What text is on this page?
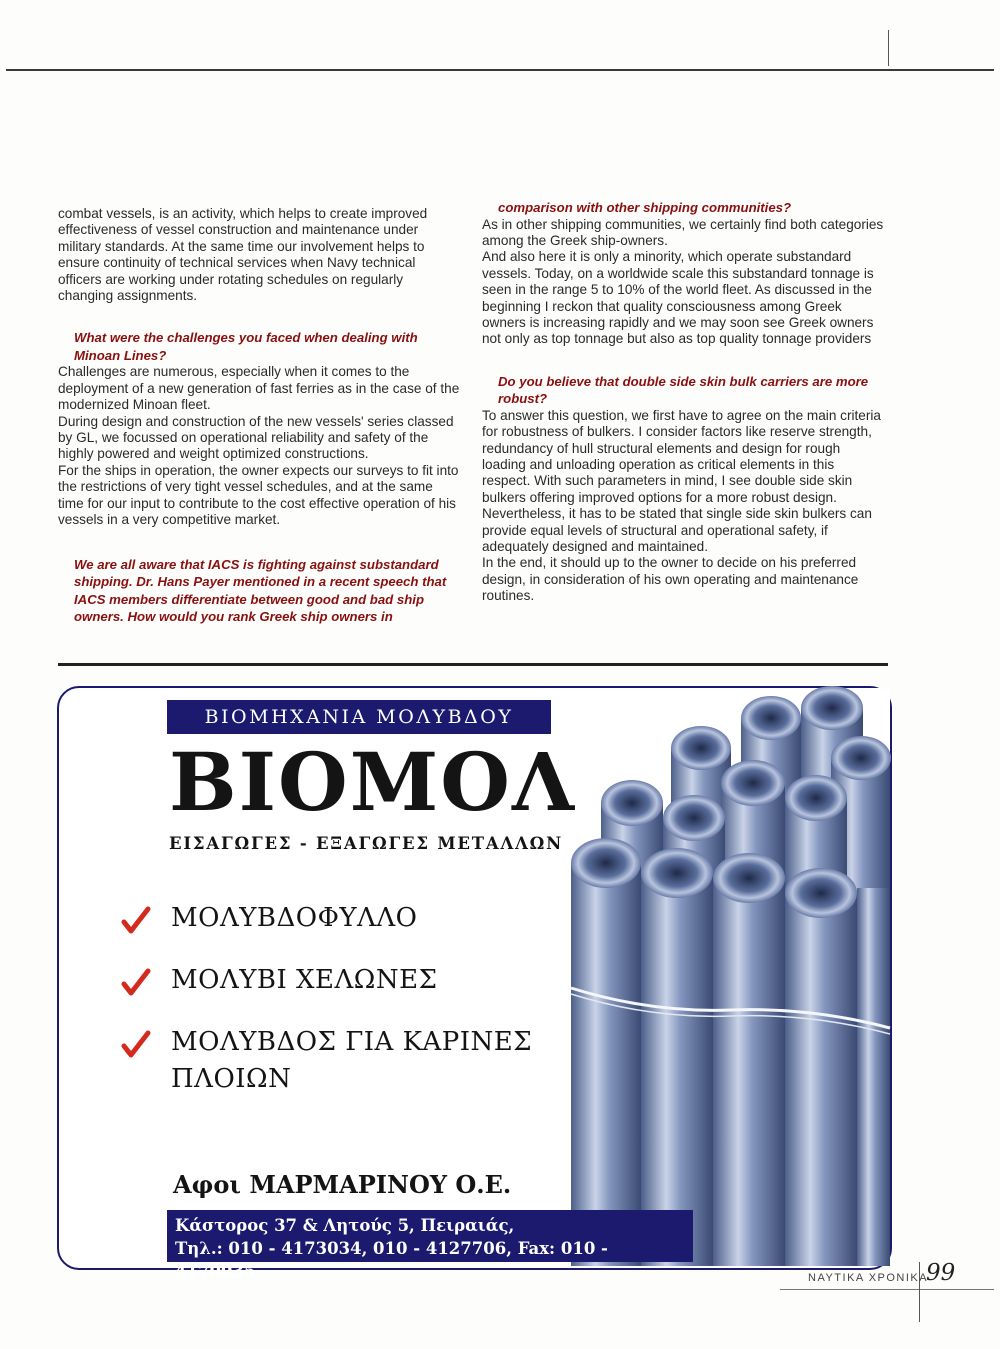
combat vessels, is an activity, which helps to create improved effectiveness of vessel construction and maintenance under military standards. At the same time our involvement helps to ensure continuity of technical services when Navy technical officers are working under rotating schedules on regularly changing assignments.

What were the challenges you faced when dealing with Minoan Lines?

Challenges are numerous, especially when it comes to the deployment of a new generation of fast ferries as in the case of the modernized Minoan fleet.

During design and construction of the new vessels' series classed by GL, we focussed on operational reliability and safety of the highly powered and weight optimized constructions.

For the ships in operation, the owner expects our surveys to fit into the restrictions of very tight vessel schedules, and at the same time for our input to contribute to the cost effective operation of his vessels in a very competitive market.

We are all aware that IACS is fighting against substandard shipping. Dr. Hans Payer mentioned in a recent speech that IACS members differentiate between good and bad ship owners. How would you rank Greek ship owners in

comparison with other shipping communities?

As in other shipping communities, we certainly find both categories among the Greek ship-owners.

And also here it is only a minority, which operate substandard vessels. Today, on a worldwide scale this substandard tonnage is seen in the range 5 to 10% of the world fleet. As discussed in the beginning I reckon that quality consciousness among Greek owners is increasing rapidly and we may soon see Greek owners not only as top tonnage but also as top quality tonnage providers

Do you believe that double side skin bulk carriers are more robust?

To answer this question, we first have to agree on the main criteria for robustness of bulkers. I consider factors like reserve strength, redundancy of hull structural elements and design for rough loading and unloading operation as critical elements in this respect. With such parameters in mind, I see double side skin bulkers offering improved options for a more robust design. Nevertheless, it has to be stated that single side skin bulkers can provide equal levels of structural and operational safety, if adequately designed and maintained.

In the end, it should up to the owner to decide on his preferred design, in consideration of his own operating and maintenance routines.

ΒΙΟΜΗΧΑΝΙΑ ΜΟΛΥΒΔΟΥ
ΒΙΟΜΟΛ
ΕΙΣΑΓΩΓΕΣ - ΕΞΑΓΩΓΕΣ ΜΕΤΑΛΛΩΝ
ΜΟΛΥΒΔΟΦΥΛΛΟ
ΜΟΛΥΒΙ ΧΕΛΩΝΕΣ
ΜΟΛΥΒΔΟΣ ΓΙΑ ΚΑΡΙΝΕΣ ΠΛΟΙΩΝ
Αφοι ΜΑΡΜΑΡΙΝΟΥ Ο.Ε.
Κάστορος 37 & Λητούς 5, Πειραιάς,
Τηλ.: 010 - 4173034, 010 - 4127706, Fax: 010 - 4170035	ΝΑΥΤΙΚΑ ΧΡΟΝΙΚΑ
99
